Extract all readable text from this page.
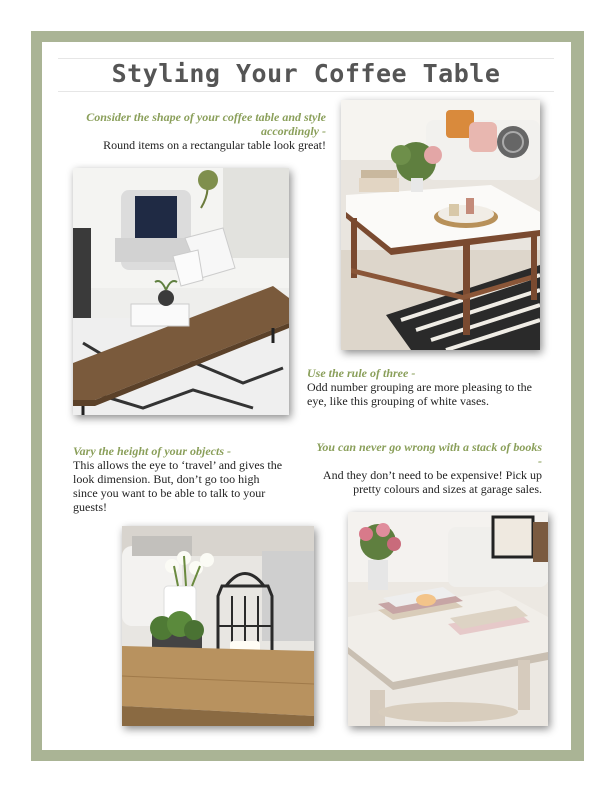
Styling Your Coffee Table
Consider the shape of your coffee table and style accordingly -
Round items on a rectangular table look great!
Use the rule of three -
Odd number grouping are more pleasing to the eye, like this grouping of white vases.
Vary the height of your objects -
This allows the eye to ‘travel’ and gives the look dimension. But, don’t go too high since you want to be able to talk to your guests!
You can never go wrong with a stack of books -
And they don’t need to be expensive! Pick up pretty colours and sizes at garage sales.
